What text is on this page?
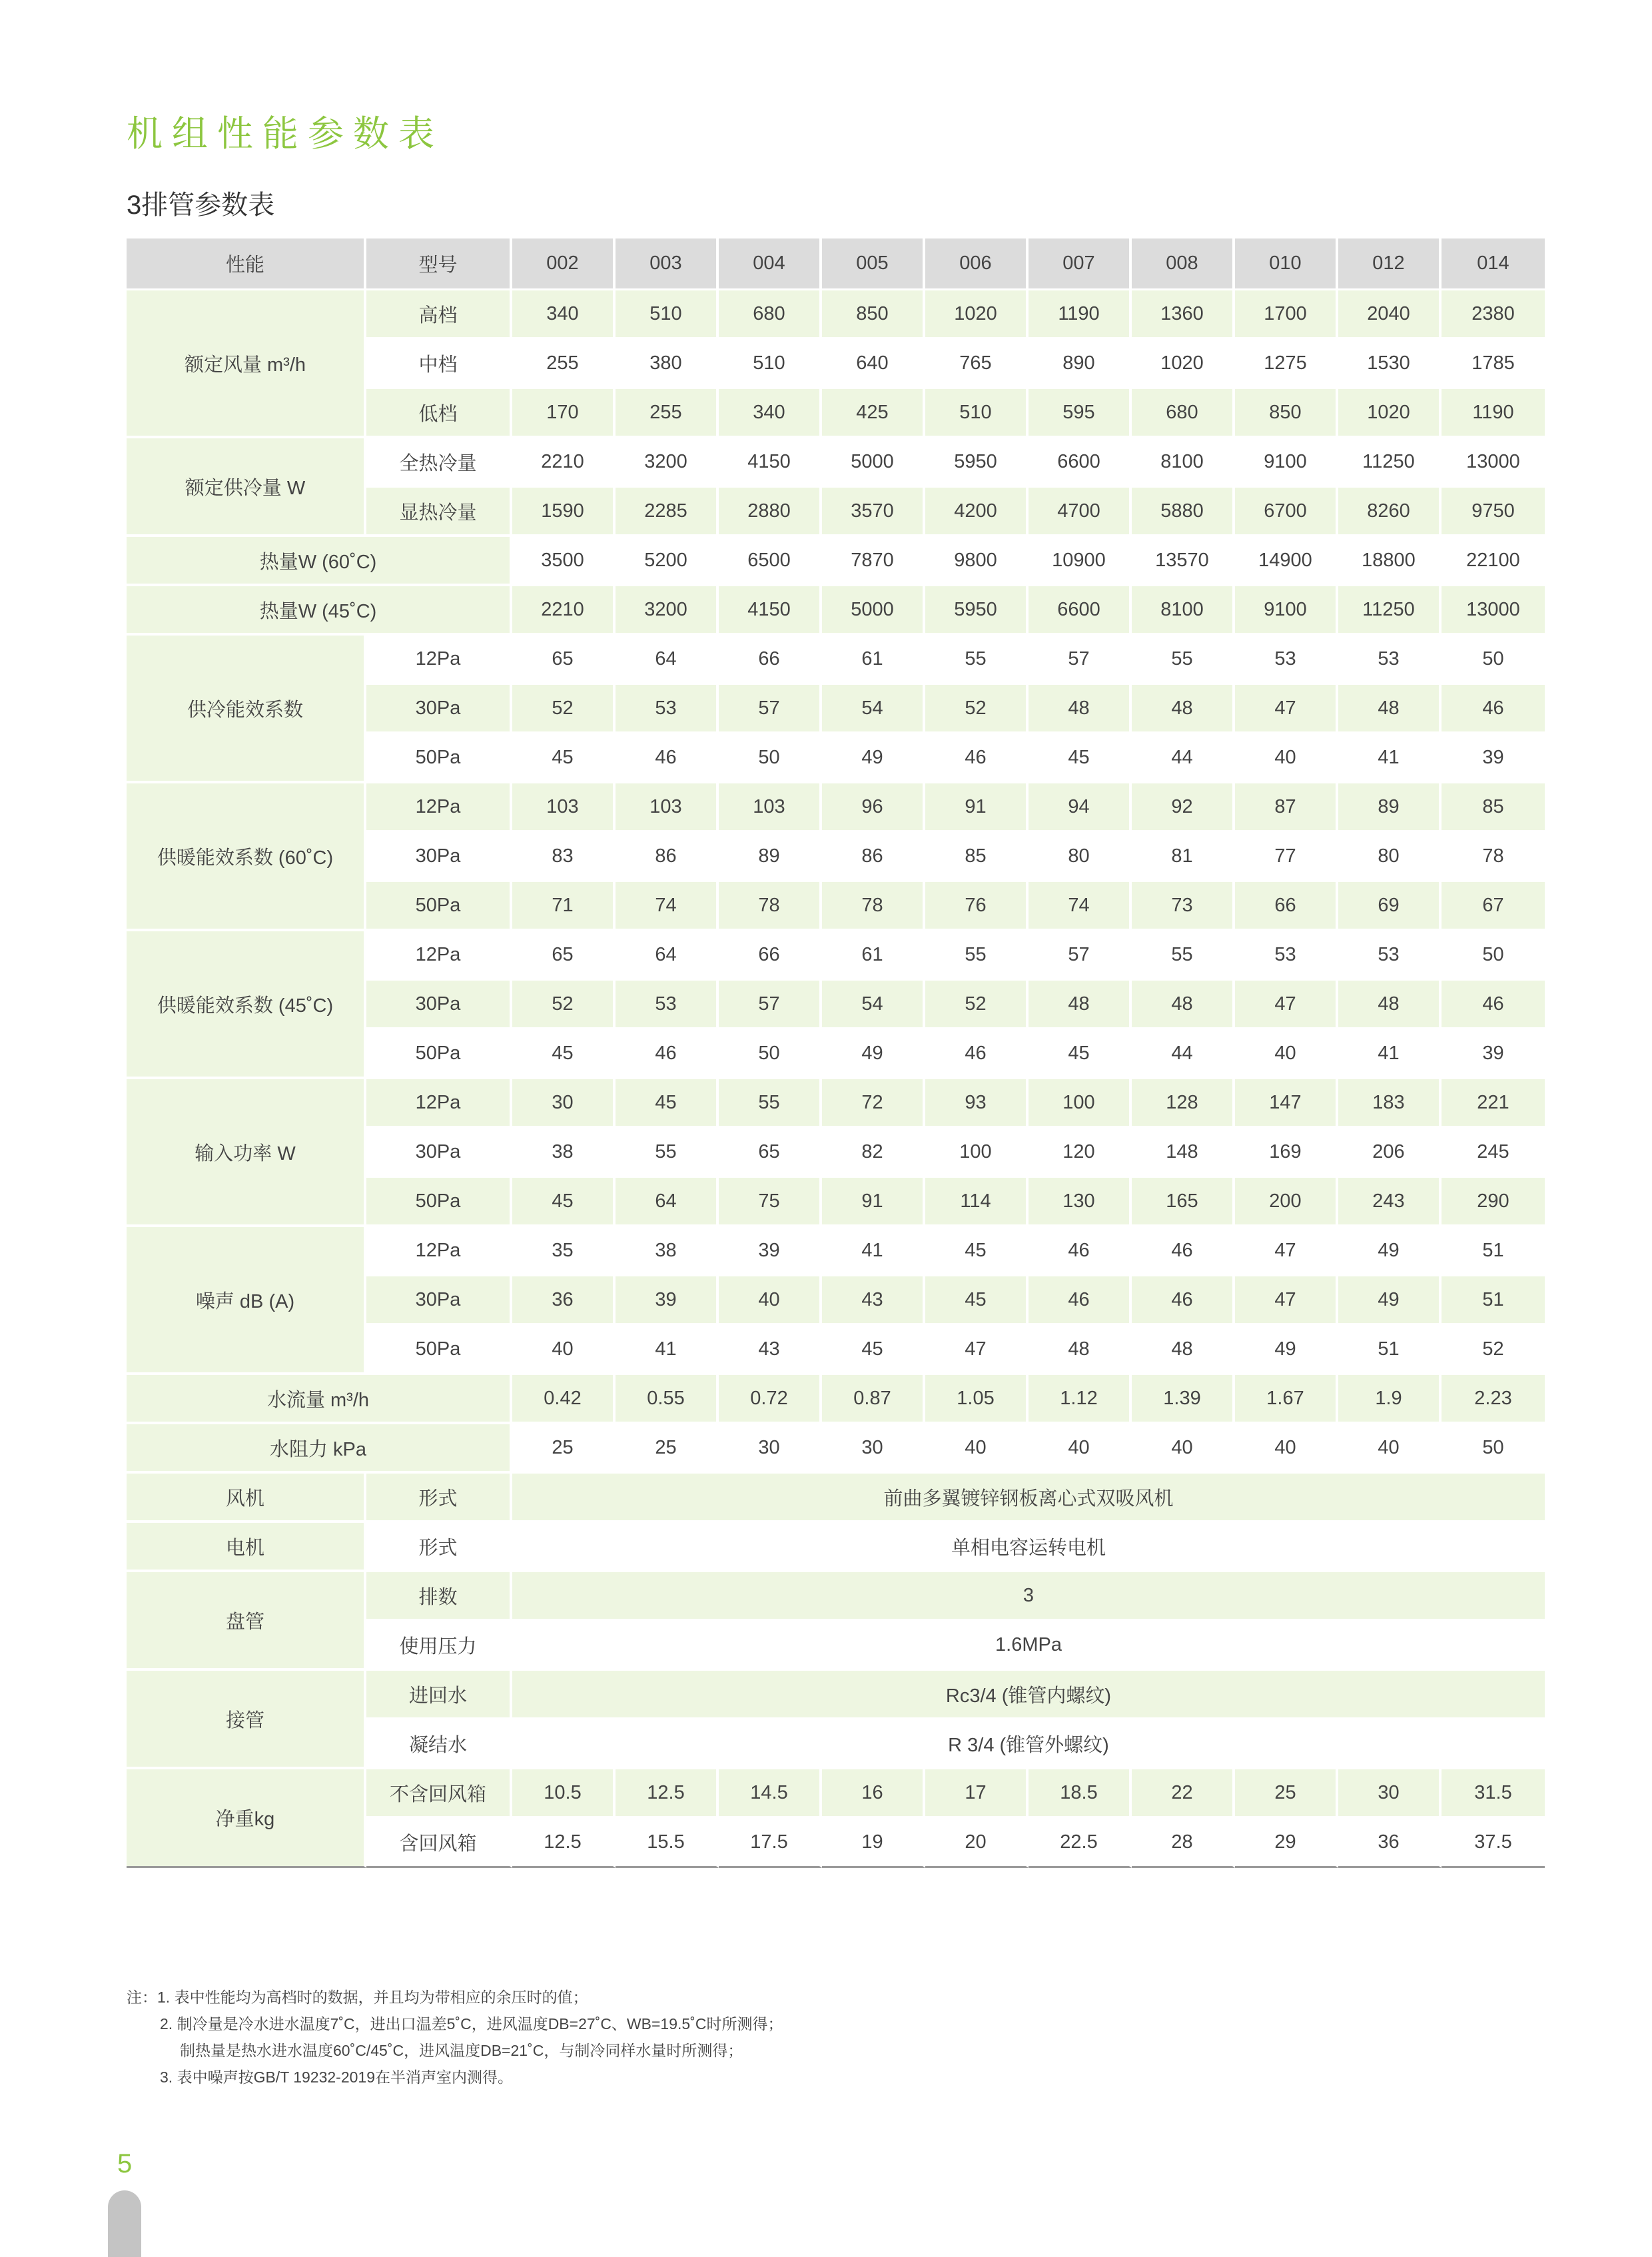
机组性能参数表
3排管参数表
性能	型号	002	003	004	005	006	007	008	010	012	014
额定风量 m³/h	高档	340	510	680	850	1020	1190	1360	1700	2040	2380
	中档	255	380	510	640	765	890	1020	1275	1530	1785
	低档	170	255	340	425	510	595	680	850	1020	1190
额定供冷量 W	全热冷量	2210	3200	4150	5000	5950	6600	8100	9100	11250	13000
	显热冷量	1590	2285	2880	3570	4200	4700	5880	6700	8260	9750
热量W (60˚C)		3500	5200	6500	7870	9800	10900	13570	14900	18800	22100
热量W (45˚C)		2210	3200	4150	5000	5950	6600	8100	9100	11250	13000
供冷能效系数	12Pa	65	64	66	61	55	57	55	53	53	50
	30Pa	52	53	57	54	52	48	48	47	48	46
	50Pa	45	46	50	49	46	45	44	40	41	39
供暖能效系数 (60˚C)	12Pa	103	103	103	96	91	94	92	87	89	85
	30Pa	83	86	89	86	85	80	81	77	80	78
	50Pa	71	74	78	78	76	74	73	66	69	67
供暖能效系数 (45˚C)	12Pa	65	64	66	61	55	57	55	53	53	50
	30Pa	52	53	57	54	52	48	48	47	48	46
	50Pa	45	46	50	49	46	45	44	40	41	39
输入功率 W	12Pa	30	45	55	72	93	100	128	147	183	221
	30Pa	38	55	65	82	100	120	148	169	206	245
	50Pa	45	64	75	91	114	130	165	200	243	290
噪声 dB (A)	12Pa	35	38	39	41	45	46	46	47	49	51
	30Pa	36	39	40	43	45	46	46	47	49	51
	50Pa	40	41	43	45	47	48	48	49	51	52
水流量 m³/h		0.42	0.55	0.72	0.87	1.05	1.12	1.39	1.67	1.9	2.23
水阻力 kPa		25	25	30	30	40	40	40	40	40	50
风机	形式	前曲多翼镀锌钢板离心式双吸风机									
电机	形式	单相电容运转电机									
盘管	排数	3									
	使用压力	1.6MPa									
接管	进回水	Rc3/4 (锥管内螺纹)									
	凝结水	R 3/4 (锥管外螺纹)									
净重kg	不含回风箱	10.5	12.5	14.5	16	17	18.5	22	25	30	31.5
	含回风箱	12.5	15.5	17.5	19	20	22.5	28	29	36	37.5
注：1. 表中性能均为高档时的数据，并且均为带相应的余压时的值；
2. 制冷量是冷水进水温度7˚C，进出口温差5˚C，进风温度DB=27˚C、WB=19.5˚C时所测得；
制热量是热水进水温度60˚C/45˚C，进风温度DB=21˚C，与制冷同样水量时所测得；
3. 表中噪声按GB/T 19232-2019在半消声室内测得。
5
